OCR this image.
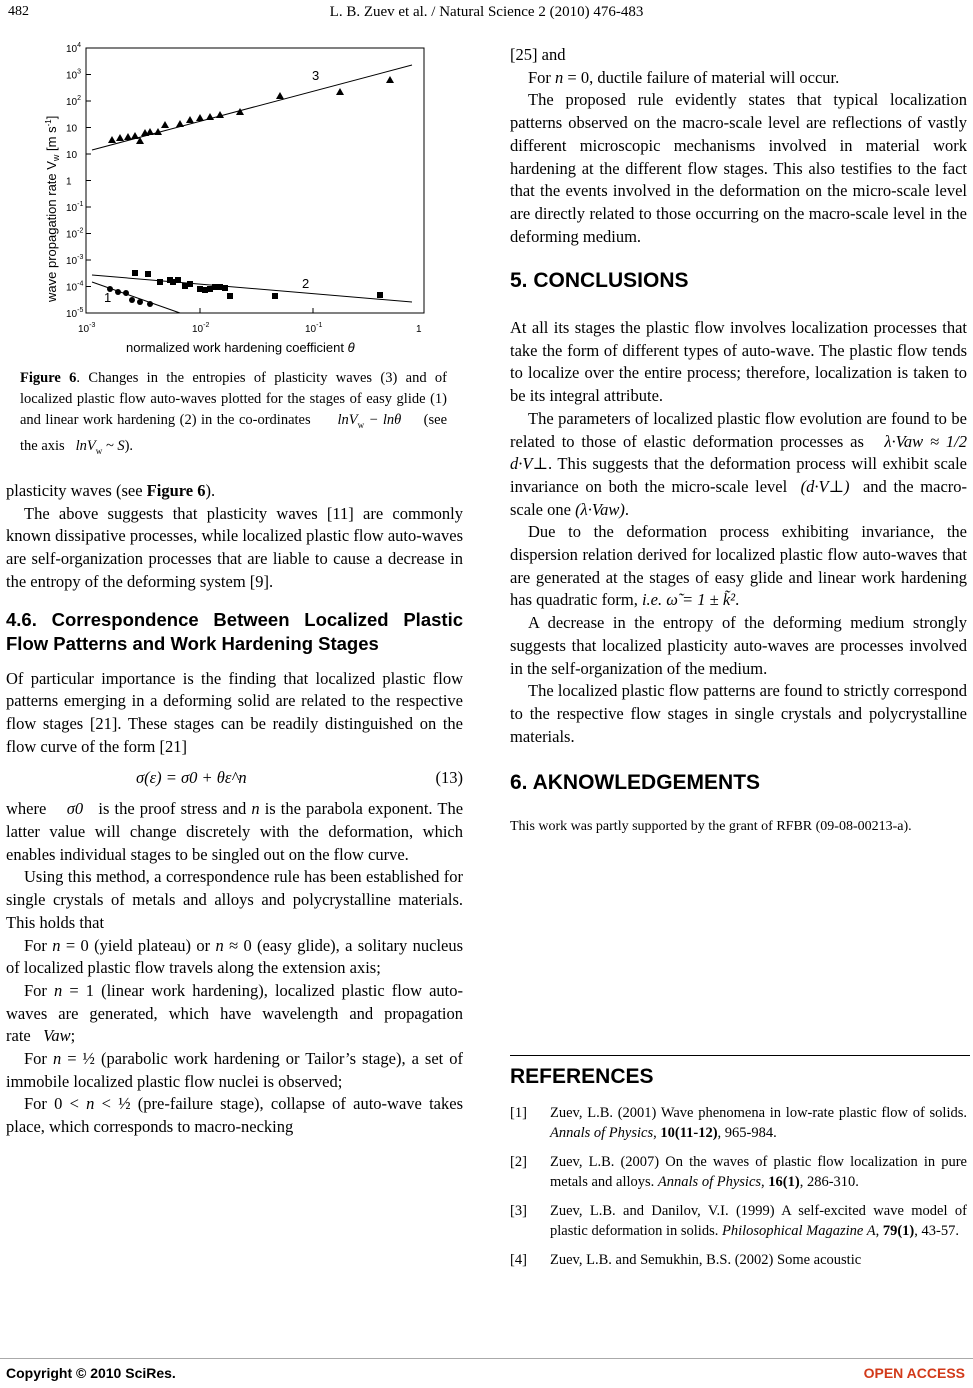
482	L. B. Zuev et al. / Natural Science 2 (2010) 476-483
$10^4$
$10^3$
$10^2$
10
10
1
$10^{-1}$
$10^{-2}$
$10^{-3}$
$10^{-4}$
$10^{-5}$
$10^{-3}$	$10^{-2}$	$10^{-1}$	1
3
2
1
wave propagation rate $V_w$ [m $s^{-1}$]
normalized work hardening coefficient θ
Figure 6. Changes in the entropies of plasticity waves (3) and of localized plastic flow auto-waves plotted for the stages of easy glide (1) and linear work hardening (2) in the co-ordinates lnV$_w$ − lnθ (see the axis lnV$_w$ ~ S).

plasticity waves (see Figure 6).

The above suggests that plasticity waves [11] are commonly known dissipative processes, while localized plastic flow auto-waves are self-organization processes that are liable to cause a decrease in the entropy of the deforming system [9].

4.6. Correspondence Between Localized Plastic Flow Patterns and Work Hardening Stages

Of particular importance is the finding that localized plastic flow patterns emerging in a deforming solid are related to the respective flow stages [21]. These stages can be readily distinguished on the flow curve of the form [21]

σ(ε) = σ0 + θε^n	(13)

where σ0 is the proof stress and n is the parabola exponent. The latter value will change discretely with the deformation, which enables individual stages to be singled out on the flow curve.

Using this method, a correspondence rule has been established for single crystals of metals and alloys and polycrystalline materials. This holds that

For n = 0 (yield plateau) or n ≈ 0 (easy glide), a solitary nucleus of localized plastic flow travels along the extension axis;

For n = 1 (linear work hardening), localized plastic flow auto-waves are generated, which have wavelength and propagation rate Vaw;

For n = ½ (parabolic work hardening or Tailor’s stage), a set of immobile localized plastic flow nuclei is observed;

For 0 < n < ½ (pre-failure stage), collapse of auto-wave takes place, which corresponds to macro-necking

[25] and

For n = 0, ductile failure of material will occur.

The proposed rule evidently states that typical localization patterns observed on the macro-scale level are reflections of vastly different microscopic mechanisms involved in material work hardening at the different flow stages. This also testifies to the fact that the events involved in the deformation on the micro-scale level are directly related to those occurring on the macro-scale level in the deforming medium.

5. CONCLUSIONS

At all its stages the plastic flow involves localization processes that take the form of different types of auto-wave. The plastic flow tends to localize over the entire process; therefore, localization is taken to be its integral attribute.

The parameters of localized plastic flow evolution are found to be related to those of elastic deformation processes as λ·Vaw ≈ 1/2 d·V⊥. This suggests that the deformation process will exhibit scale invariance on both the micro-scale level (d·V⊥) and the macro-scale one (λ·Vaw).

Due to the deformation process exhibiting invariance, the dispersion relation derived for localized plastic flow auto-waves that are generated at the stages of easy glide and linear work hardening has quadratic form, i.e. ω̃ = 1 ± k̃².

A decrease in the entropy of the deforming medium strongly suggests that localized plasticity auto-waves are processes involved in the self-organization of the medium.

The localized plastic flow patterns are found to strictly correspond to the respective flow stages in single crystals and polycrystalline materials.

6. AKNOWLEDGEMENTS

This work was partly supported by the grant of RFBR (09-08-00213-a).

REFERENCES

[1] Zuev, L.B. (2001) Wave phenomena in low-rate plastic flow of solids. Annals of Physics, 10(11-12), 965-984.
[2] Zuev, L.B. (2007) On the waves of plastic flow localization in pure metals and alloys. Annals of Physics, 16(1), 286-310.
[3] Zuev, L.B. and Danilov, V.I. (1999) A self-excited wave model of plastic deformation in solids. Philosophical Magazine A, 79(1), 43-57.
[4] Zuev, L.B. and Semukhin, B.S. (2002) Some acoustic
Copyright © 2010 SciRes.	OPEN ACCESS
